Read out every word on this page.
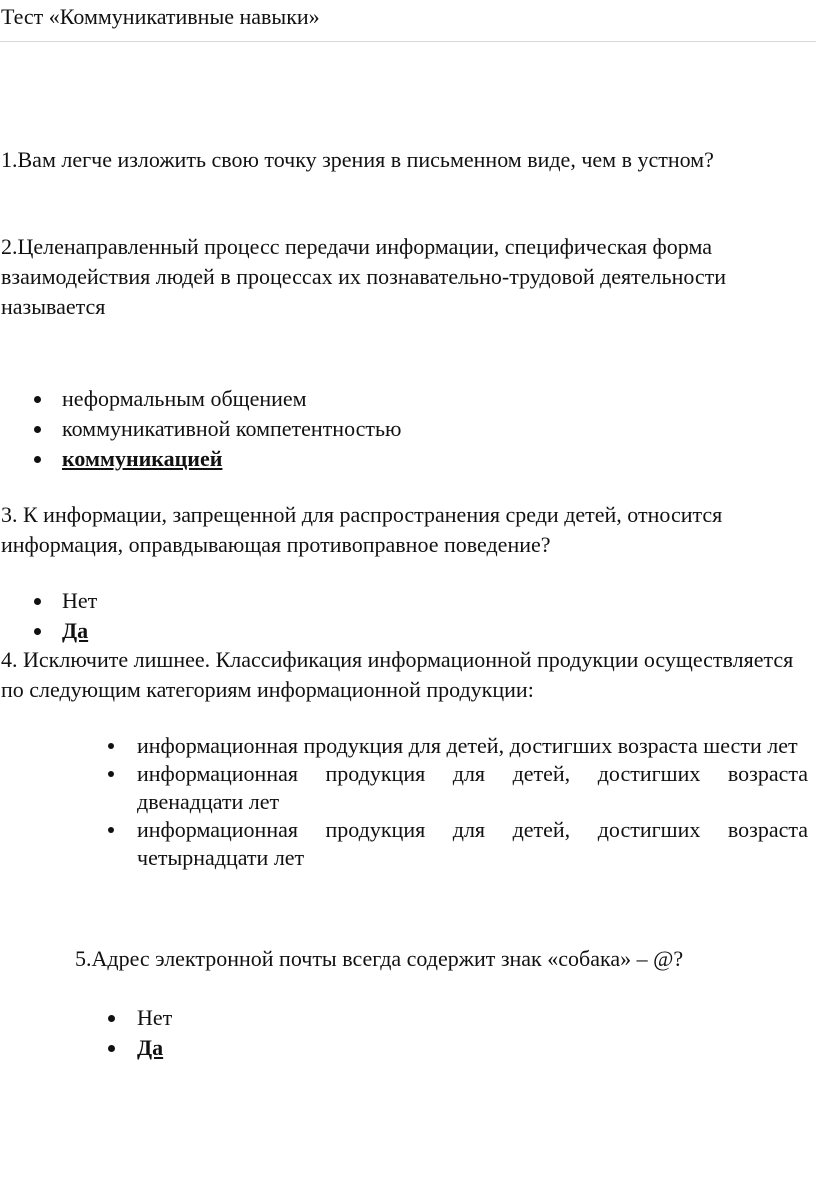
Тест «Коммуникативные навыки»

1.Вам легче изложить свою точку зрения в письменном виде, чем в устном?

2.Целенаправленный процесс передачи информации, специфическая форма взаимодействия людей в процессах их познавательно-трудовой деятельности называется

неформальным общением
коммуникативной компетентностью
коммуникацией

3. К информации, запрещенной для распространения среди детей, относится информация, оправдывающая противоправное поведение?

Нет
Да

4. Исключите лишнее. Классификация информационной продукции осуществляется по следующим категориям информационной продукции:

информационная продукция для детей, достигших возраста шести лет
информационная продукция для детей, достигших возраста двенадцати лет
информационная продукция для детей, достигших возраста четырнадцати лет

5.Адрес электронной почты всегда содержит знак «собака» – @?

Нет
Да
